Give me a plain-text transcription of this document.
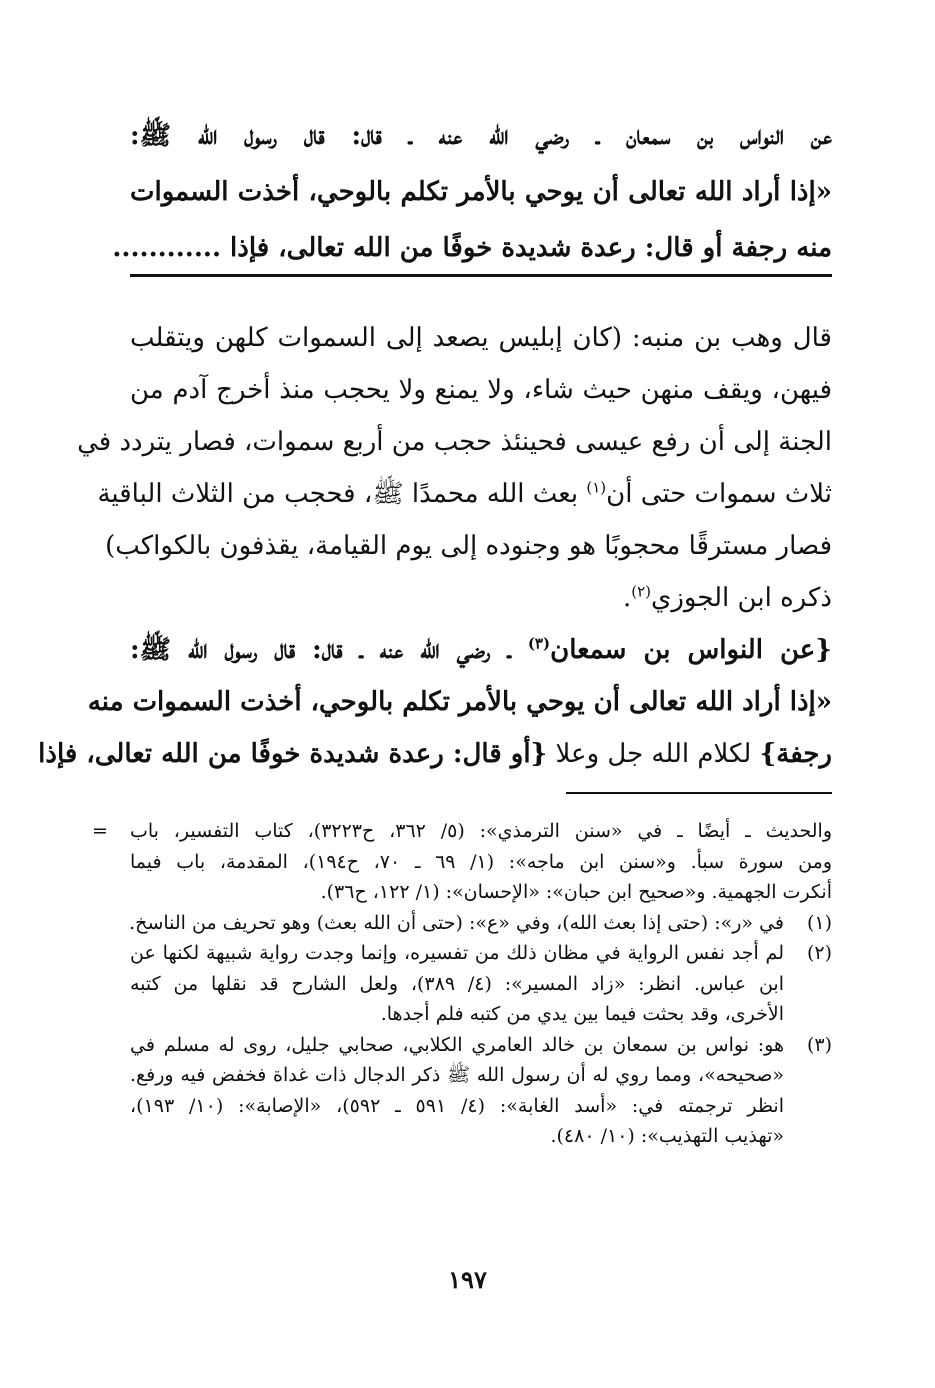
عن النواس بن سمعان ـ رضي الله عنه ـ قال: قال رسول الله ﷺ:
«إذا أراد الله تعالى أن يوحي بالأمر تكلم بالوحي، أخذت السموات
منه رجفة أو قال: رعدة شديدة خوفًا من الله تعالى، فإذا ............
قال وهب بن منبه: (كان إبليس يصعد إلى السموات كلهن ويتقلب
فيهن، ويقف منهن حيث شاء، ولا يمنع ولا يحجب منذ أخرج آدم من
الجنة إلى أن رفع عيسى فحينئذ حجب من أربع سموات، فصار يتردد في
ثلاث سموات حتى أن$^{(١)}$ بعث الله محمدًا ﷺ، فحجب من الثلاث الباقية
فصار مسترقًا محجوبًا هو وجنوده إلى يوم القيامة، يقذفون بالكواكب)
ذكره ابن الجوزي$^{(٢)}$.
{عن النواس بن سمعان$^{(٣)}$ ـ رضي الله عنه ـ قال: قال رسول الله ﷺ:
«إذا أراد الله تعالى أن يوحي بالأمر تكلم بالوحي، أخذت السموات منه
رجفة} لكلام الله جل وعلا {أو قال: رعدة شديدة خوفًا من الله تعالى، فإذا
= والحديث ـ أيضًا ـ في «سنن الترمذي»: (٥/ ٣٦٢، ح٣٢٢٣)، كتاب التفسير، باب
ومن سورة سبأ. و«سنن ابن ماجه»: (١/ ٦٩ ـ ٧٠، ح١٩٤)، المقدمة، باب فيما
أنكرت الجهمية. و«صحيح ابن حبان»: «الإحسان»: (١/ ١٢٢، ح٣٦).
(١)
في «ر»: (حتى إذا بعث الله)، وفي «ع»: (حتى أن الله بعث) وهو تحريف من الناسخ.
(٢)
لم أجد نفس الرواية في مظان ذلك من تفسيره، وإنما وجدت رواية شبيهة لكنها عن
ابن عباس. انظر: «زاد المسير»: (٤/ ٣٨٩)، ولعل الشارح قد نقلها من كتبه
الأخرى، وقد بحثت فيما بين يدي من كتبه فلم أجدها.
(٣)
هو: نواس بن سمعان بن خالد العامري الكلابي، صحابي جليل، روى له مسلم في
«صحيحه»، ومما روي له أن رسول الله ﷺ ذكر الدجال ذات غداة فخفض فيه ورفع.
انظر ترجمته في: «أسد الغابة»: (٤/ ٥٩١ ـ ٥٩٢)، «الإصابة»: (١٠/ ١٩٣)،
«تهذيب التهذيب»: (١٠/ ٤٨٠).
١٩٧
